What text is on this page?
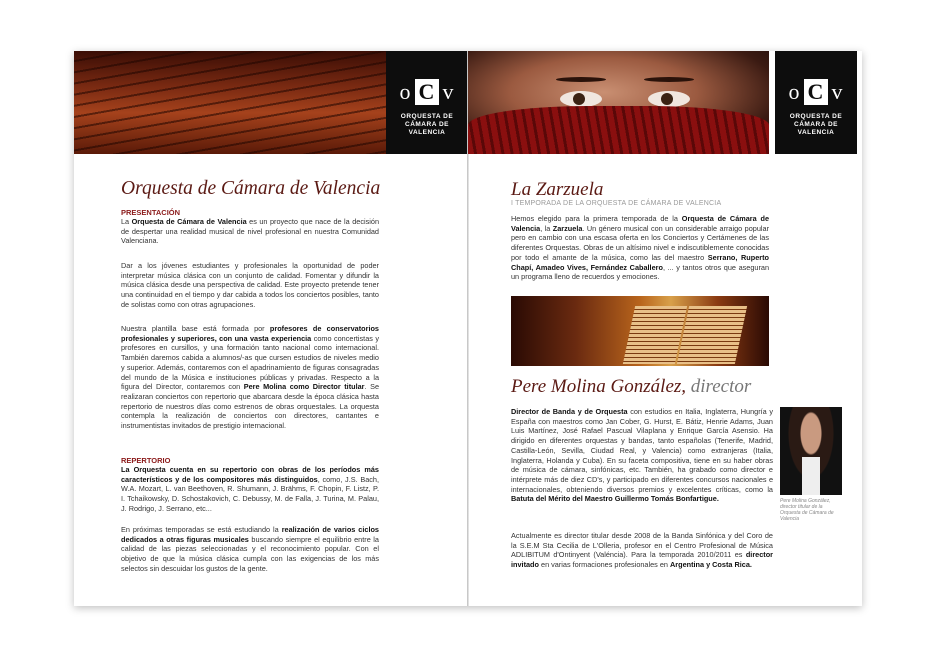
o C v
ORQUESTA DE
CÁMARA DE
VALENCIA
Orquesta de Cámara de Valencia
PRESENTACIÓN

La Orquesta de Cámara de Valencia es un proyecto que nace de la decisión de despertar una realidad musical de nivel profesional en nuestra Comunidad Valenciana.

Dar a los jóvenes estudiantes y profesionales la oportunidad de poder interpretar música clásica con un conjunto de calidad. Fomentar y difundir la música clásica desde una perspectiva de calidad. Este proyecto pretende tener una continuidad en el tiempo y dar cabida a todos los conciertos posibles, tanto de solistas como con otras agrupaciones.

Nuestra plantilla base está formada por profesores de conservatorios profesionales y superiores, con una vasta experiencia como concertistas y profesores en cursillos, y una formación tanto nacional como internacional. También daremos cabida a alumnos/-as que cursen estudios de niveles medio y superior. Además, contaremos con el apadrinamiento de figuras consagradas del mundo de la Música e instituciones públicas y privadas. Respecto a la figura del Director, contaremos con Pere Molina como Director titular. Se realizaran conciertos con repertorio que abarcara desde la época clásica hasta repertorio de nuestros días como estrenos de obras orquestales. La orquesta contempla la realización de conciertos con directores, cantantes e instrumentistas invitados de prestigio internacional.

REPERTORIO

La Orquesta cuenta en su repertorio con obras de los períodos más característicos y de los compositores más distinguidos, como, J.S. Bach, W.A. Mozart, L. van Beethoven, R. Shumann, J. Brähms, F. Chopin, F. Listz, P. I. Tchaikowsky, D. Schostakovich, C. Debussy, M. de Falla, J. Turina, M. Palau, J. Rodrigo, J. Serrano, etc...

En próximas temporadas se está estudiando la realización de varios ciclos dedicados a otras figuras musicales buscando siempre el equilibrio entre la calidad de las piezas seleccionadas y el reconocimiento popular. Con el objetivo de que la música clásica cumpla con las exigencias de los más selectos sin descuidar los gustos de la gente.

o C v
ORQUESTA DE
CÁMARA DE
VALENCIA
La Zarzuela
I TEMPORADA DE LA ORQUESTA DE CÁMARA DE VALENCIA

Hemos elegido para la primera temporada de la Orquesta de Cámara de Valencia, la Zarzuela. Un género musical con un considerable arraigo popular pero en cambio con una escasa oferta en los Conciertos y Certámenes de las diferentes Orquestas. Obras de un altísimo nivel e indiscutiblemente conocidas por todo el amante de la música, como las del maestro Serrano, Ruperto Chapí, Amadeo Vives, Fernández Caballero, ... y tantos otros que aseguran un programa lleno de recuerdos y emociones.

Pere Molina González, director

Director de Banda y de Orquesta con estudios en Italia, Inglaterra, Hungría y España con maestros como Jan Cober, G. Hurst, E. Bátiz, Henrie Adams, Juan Luis Martínez, José Rafael Pascual Vilaplana y Enrique García Asensio. Ha dirigido en diferentes orquestas y bandas, tanto españolas (Tenerife, Madrid, Castilla-León, Sevilla, Ciudad Real, y Valencia) como extranjeras (Italia, Inglaterra, Holanda y Cuba). En su faceta compositiva, tiene en su haber obras de música de cámara, sinfónicas, etc. También, ha grabado como director e intérprete más de diez CD's, y participado en diferentes concursos nacionales e internacionales, obteniendo diversos premios y excelentes críticas, como la Batuta del Mérito del Maestro Guillermo Tomás Bonfartigue.

Actualmente es director titular desde 2008 de la Banda Sinfónica y del Coro de la S.E.M Sta Cecilia de L'Olleria, profesor en el Centro Profesional de Música ADLIBITUM d'Ontinyent (Valéncia). Para la temporada 2010/2011 es director invitado en varias formaciones profesionales en Argentina y Costa Rica.

Pere Molina González, director titular de la Orquesta de Cámara de Valencia
